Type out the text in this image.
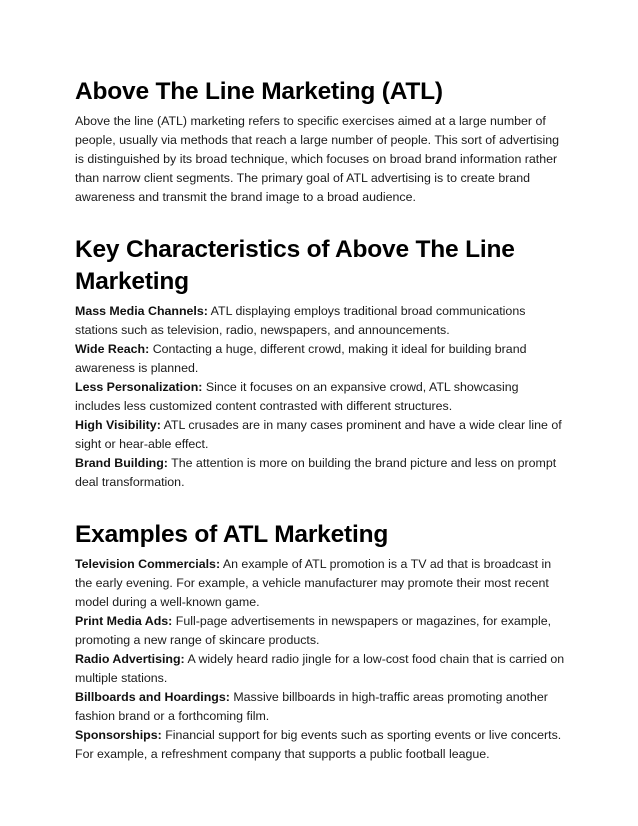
Above The Line Marketing (ATL)

Above the line (ATL) marketing refers to specific exercises aimed at a large number of people, usually via methods that reach a large number of people. This sort of advertising is distinguished by its broad technique, which focuses on broad brand information rather than narrow client segments. The primary goal of ATL advertising is to create brand awareness and transmit the brand image to a broad audience.

Key Characteristics of Above The Line Marketing

Mass Media Channels: ATL displaying employs traditional broad communications stations such as television, radio, newspapers, and announcements.

Wide Reach: Contacting a huge, different crowd, making it ideal for building brand awareness is planned.

Less Personalization: Since it focuses on an expansive crowd, ATL showcasing includes less customized content contrasted with different structures.

High Visibility: ATL crusades are in many cases prominent and have a wide clear line of sight or hear-able effect.

Brand Building: The attention is more on building the brand picture and less on prompt deal transformation.

Examples of ATL Marketing

Television Commercials: An example of ATL promotion is a TV ad that is broadcast in the early evening. For example, a vehicle manufacturer may promote their most recent model during a well-known game.

Print Media Ads: Full-page advertisements in newspapers or magazines, for example, promoting a new range of skincare products.

Radio Advertising: A widely heard radio jingle for a low-cost food chain that is carried on multiple stations.

Billboards and Hoardings: Massive billboards in high-traffic areas promoting another fashion brand or a forthcoming film.

Sponsorships: Financial support for big events such as sporting events or live concerts. For example, a refreshment company that supports a public football league.
